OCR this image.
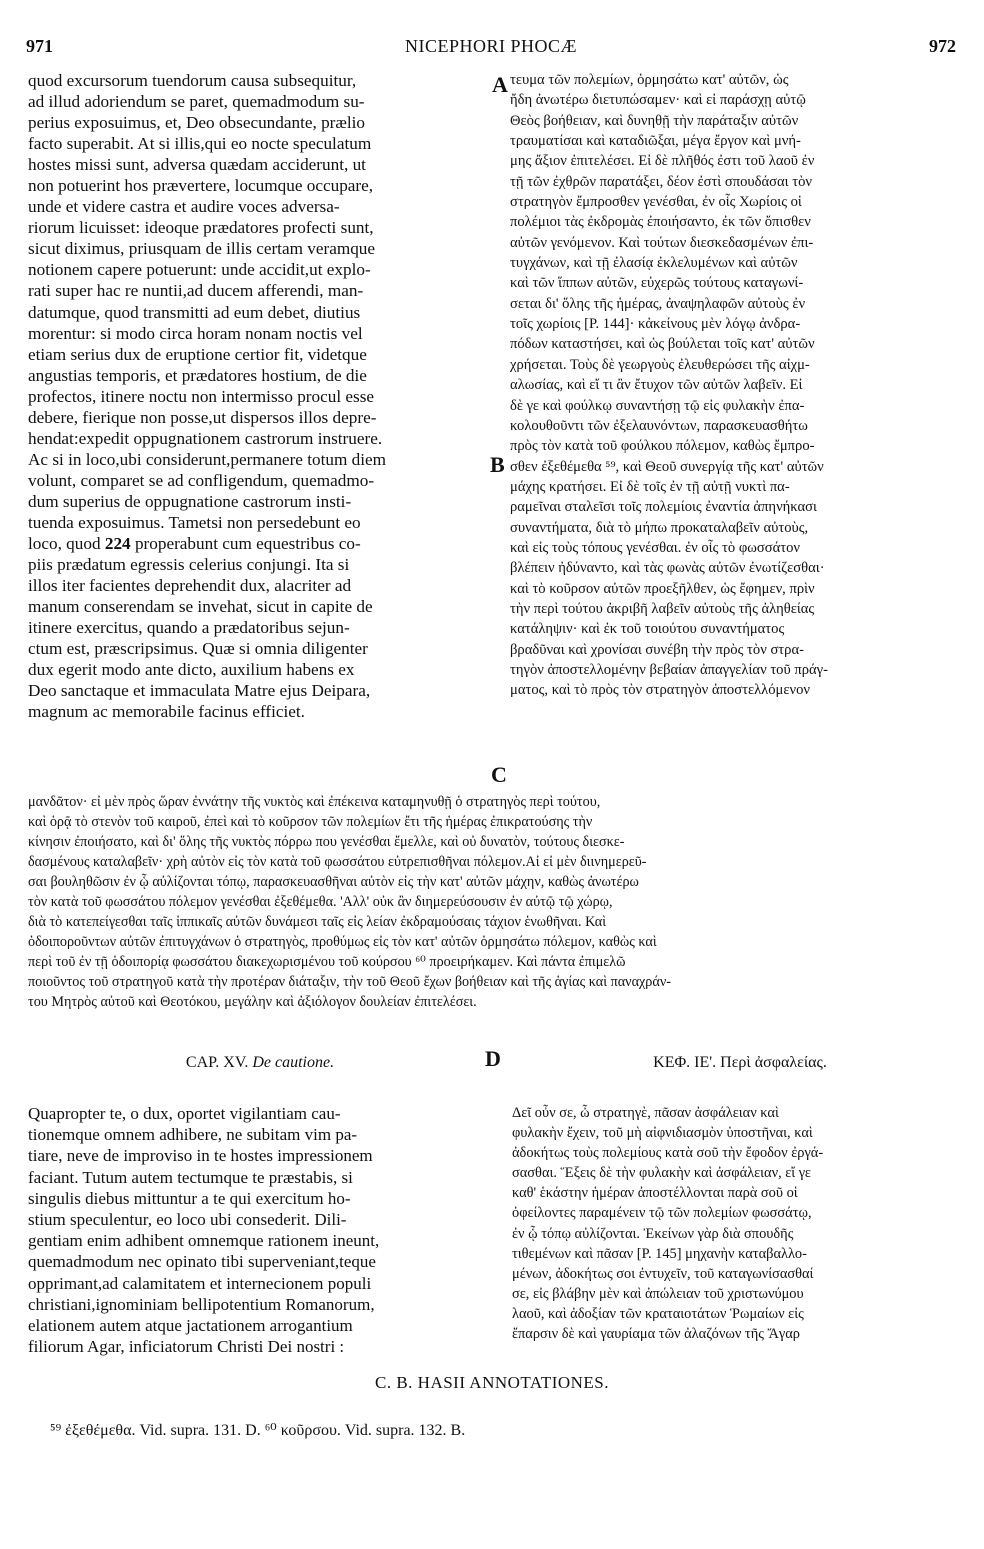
971	NICEPHORI PHOCÆ	972
quod excursorum tuendorum causa subsequitur,
ad illud adoriendum se paret, quemadmodum su-
perius exposuimus, et, Deo obsecundante, prælio
facto superabit. At si illis,qui eo nocte speculatum
hostes missi sunt, adversa quædam acciderunt, ut
non potuerint hos prævertere, locumque occupare,
unde et videre castra et audire voces adversa-
riorum licuisset: ideoque prædatores profecti sunt,
sicut diximus, priusquam de illis certam veramque
notionem capere potuerunt: unde accidit,ut explo-
rati super hac re nuntii,ad ducem afferendi, man-
datumque, quod transmitti ad eum debet, diutius
morentur: si modo circa horam nonam noctis vel
etiam serius dux de eruptione certior fit, videtque
angustias temporis, et prædatores hostium, de die
profectos, itinere noctu non intermisso procul esse
debere, fierique non posse,ut dispersos illos depre-
hendat:expedit oppugnationem castrorum instruere.
Ac si in loco,ubi considerunt,permanere totum diem
volunt, comparet se ad confligendum, quemadmo-
dum superius de oppugnatione castrorum insti-
tuenda exposuimus. Tametsi non persedebunt eo
loco, quod 224 properabunt cum equestribus co-
piis prædatum egressis celerius conjungi. Ita si
illos iter facientes deprehendit dux, alacriter ad
manum conserendam se invehat, sicut in capite de
itinere exercitus, quando a prædatoribus sejun-
ctum est, præscripsimus. Quæ si omnia diligenter
dux egerit modo ante dicto, auxilium habens ex
Deo sanctaque et immaculata Matre ejus Deipara,
magnum ac memorabile facinus efficiet.
τευμα τῶν πολεμίων, ὁρμησάτω κατ' αὐτῶν, ὡς
ἤδη ἀνωτέρω διετυπώσαμεν· καὶ εἰ παράσχῃ αὐτῷ
Θεὸς βοήθειαν, καὶ δυνηθῇ τὴν παράταξιν αὐτῶν
τραυματίσαι καὶ καταδιῶξαι, μέγα ἔργον καὶ μνή-
μης ἄξιον ἐπιτελέσει. Εἰ δὲ πλῆθός ἐστι τοῦ λαοῦ ἐν
τῇ τῶν ἐχθρῶν παρατάξει, δέον ἐστὶ σπουδάσαι τὸν
στρατηγὸν ἔμπροσθεν γενέσθαι, ἐν οἷς Χωρίοις οἱ
πολέμιοι τὰς ἐκδρομὰς ἐποιήσαντο, ἐκ τῶν ὄπισθεν
αὐτῶν γενόμενον. Καὶ τούτων διεσκεδασμένων ἐπι-
τυγχάνων, καὶ τῇ ἐλασίᾳ ἐκλελυμένων καὶ αὐτῶν
καὶ τῶν ἵππων αὐτῶν, εὐχερῶς τούτους καταγωνί-
σεται δι' ὅλης τῆς ἡμέρας, ἀναψηλαφῶν αὐτοὺς ἐν
τοῖς χωρίοις [P. 144]· κἀκείνους μὲν λόγῳ ἀνδρα-
πόδων καταστήσει, καὶ ὡς βούλεται τοῖς κατ' αὐτῶν
χρήσεται. Τοὺς δὲ γεωργοὺς ἐλευθερώσει τῆς αἰχμ-
αλωσίας, καὶ εἴ τι ἂν ἔτυχον τῶν αὐτῶν λαβεῖν. Εἰ
δὲ γε καὶ φούλκῳ συναντήσῃ τῷ εἰς φυλακὴν ἐπα-
κολουθοῦντι τῶν ἐξελαυνόντων, παρασκευασθήτω
πρὸς τὸν κατὰ τοῦ φούλκου πόλεμον, καθὼς ἔμπρο-
σθεν ἐξεθέμεθα ⁵⁹, καὶ Θεοῦ συνεργίᾳ τῆς κατ' αὐτῶν
μάχης κρατήσει. Εἰ δὲ τοῖς ἐν τῇ αὐτῇ νυκτὶ πα-
ραμεῖναι σταλεῖσι τοῖς πολεμίοις ἐναντία ἀπηνήκασι
συναντήματα, διὰ τὸ μήπω προκαταλαβεῖν αὐτοὺς,
καὶ εἰς τοὺς τόπους γενέσθαι. ἐν οἷς τὸ φωσσάτον
βλέπειν ἠδύναντο, καὶ τὰς φωνὰς αὐτῶν ἐνωτίζεσθαι·
καὶ τὸ κοῦρσον αὐτῶν προεξῆλθεν, ὡς ἔφημεν, πρὶν
τὴν περὶ τούτου ἀκριβῆ λαβεῖν αὐτοὺς τῆς ἀληθείας
κατάληψιν· καὶ ἐκ τοῦ τοιούτου συναντήματος
βραδῦναι καὶ χρονίσαι συνέβη τὴν πρὸς τὸν στρα-
τηγὸν ἀποστελλομένην βεβαίαν ἀπαγγελίαν τοῦ πράγ-
ματος, καὶ τὸ πρὸς τὸν στρατηγὸν ἀποστελλόμενον
A
B
C
D
μανδᾶτον· εἰ μὲν πρὸς ὥραν ἐννάτην τῆς νυκτὸς καὶ ἐπέκεινα καταμηνυθῇ ὁ στρατηγὸς περὶ τούτου,
καὶ ὁρᾷ τὸ στενὸν τοῦ καιροῦ, ἐπεὶ καὶ τὸ κοῦρσον τῶν πολεμίων ἔτι τῆς ἡμέρας ἐπικρατούσης τὴν
κίνησιν ἐποιήσατο, καὶ δι' ὅλης τῆς νυκτὸς πόρρω που γενέσθαι ἔμελλε, καὶ οὐ δυνατὸν, τούτους διεσκε-
δασμένους καταλαβεῖν· χρὴ αὐτὸν εἰς τὸν κατὰ τοῦ φωσσάτου εὐτρεπισθῆναι πόλεμον.Αἰ εἰ μὲν διινημερεῦ-
σαι βουληθῶσιν ἐν ᾧ αὐλίζονται τόπῳ, παρασκευασθῆναι αὐτὸν εἰς τὴν κατ' αὐτῶν μάχην, καθὼς ἀνωτέρω
τὸν κατὰ τοῦ φωσσάτου πόλεμον γενέσθαι ἐξεθέμεθα. 'Αλλ' οὐκ ἂν διημερεύσουσιν ἐν αὐτῷ τῷ χώρῳ,
διὰ τὸ κατεπείγεσθαι ταῖς ἱππικαῖς αὐτῶν δυνάμεσι ταῖς εἰς λείαν ἐκδραμούσαις τάχιον ἑνωθῆναι. Καὶ
ὁδοιποροῦντων αὐτῶν ἐπιτυγχάνων ὁ στρατηγὸς, προθύμως εἰς τὸν κατ' αὐτῶν ὁρμησάτω πόλεμον, καθὼς καὶ
περὶ τοῦ ἐν τῇ ὁδοιπορίᾳ φωσσάτου διακεχωρισμένου τοῦ κούρσου ⁶⁰ προειρήκαμεν. Καὶ πάντα ἐπιμελῶ
ποιοῦντος τοῦ στρατηγοῦ κατὰ τὴν προτέραν διάταξιν, τὴν τοῦ Θεοῦ ἔχων βοήθειαν καὶ τῆς ἁγίας καὶ παναχράν-
του Μητρὸς αὐτοῦ καὶ Θεοτόκου, μεγάλην καὶ ἀξιόλογον δουλείαν ἐπιτελέσει.
CAP. XV. De cautione.	ΚΕΦ. ΙΕ'. Περὶ ἀσφαλείας.
Quapropter te, o dux, oportet vigilantiam cau-
tionemque omnem adhibere, ne subitam vim pa-
tiare, neve de improviso in te hostes impressionem
faciant. Tutum autem tectumque te præstabis, si
singulis diebus mittuntur a te qui exercitum ho-
stium speculentur, eo loco ubi consederit. Dili-
gentiam enim adhibent omnemque rationem ineunt,
quemadmodum nec opinato tibi superveniant,teque
opprimant,ad calamitatem et internecionem populi
christiani,ignominiam bellipotentium Romanorum,
elationem autem atque jactationem arrogantium
filiorum Agar, inficiatorum Christi Dei nostri :
Δεῖ οὖν σε, ὦ στρατηγὲ, πᾶσαν ἀσφάλειαν καὶ
φυλακὴν ἔχειν, τοῦ μὴ αἰφνιδιασμὸν ὑποστῆναι, καὶ
ἀδοκήτως τοὺς πολεμίους κατὰ σοῦ τὴν ἔφοδον ἐργά-
σασθαι. Ἕξεις δὲ τὴν φυλακὴν καὶ ἀσφάλειαν, εἴ γε
καθ' ἑκάστην ἡμέραν ἀποστέλλονται παρὰ σοῦ οἱ
ὀφείλοντες παραμένειν τῷ τῶν πολεμίων φωσσάτῳ,
ἐν ᾧ τόπῳ αὐλίζονται. Ἐκείνων γὰρ διὰ σπουδῆς
τιθεμένων καὶ πᾶσαν [P. 145] μηχανὴν καταβαλλο-
μένων, ἀδοκήτως σοι ἐντυχεῖν, τοῦ καταγωνίσασθαί
σε, εἰς βλάβην μὲν καὶ ἀπώλειαν τοῦ χριστωνύμου
λαοῦ, καὶ ἀδοξίαν τῶν κραταιοτάτων Ῥωμαίων εἰς
ἔπαρσιν δὲ καὶ γαυρίαμα τῶν ἀλαζόνων τῆς Ἄγαρ
C. B. HASII ANNOTATIONES.
⁵⁹ ἐξεθέμεθα. Vid. supra. 131. D. ⁶⁰ κοῦρσου. Vid. supra. 132. B.
